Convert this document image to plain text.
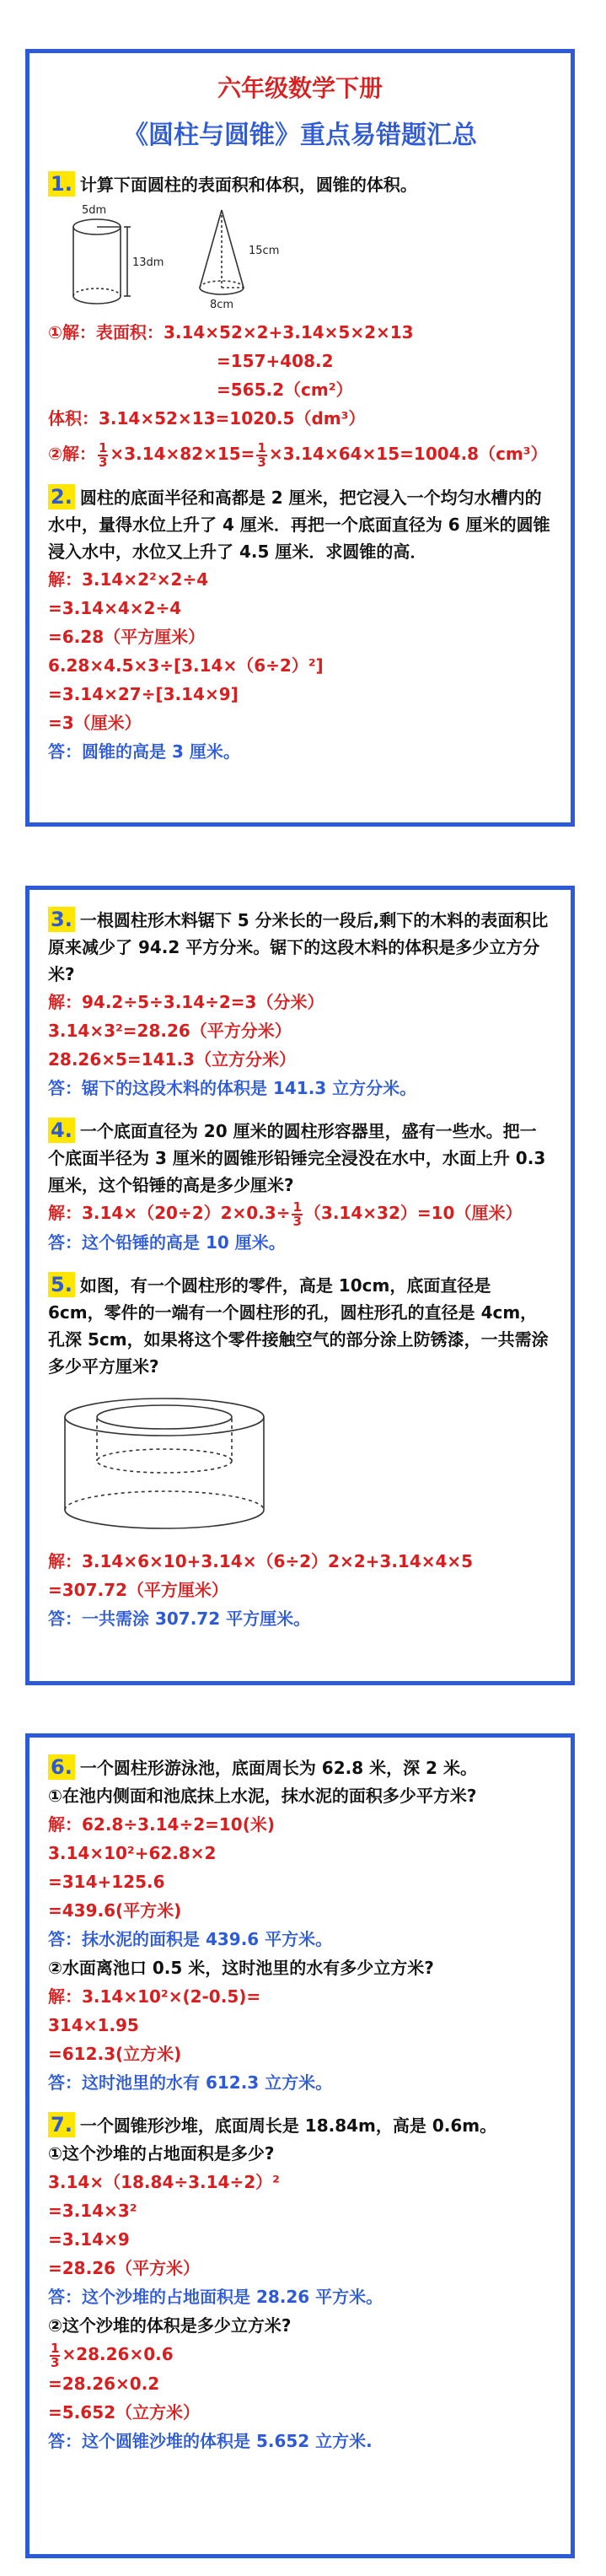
六年级数学下册
《圆柱与圆锥》重点易错题汇总

1. 计算下面圆柱的表面积和体积，圆锥的体积。

5dm
13dm
15cm
8cm

①解：表面积：3.14×52×2+3.14×5×2×13

=157+408.2

=565.2（cm²）

体积：3.14×52×13=1020.5（dm³）

②解： $\frac{1}{3} \times 3.14\times 82\times 15= \frac{1}{3} \times 3.14\times 64\times 15=1004.8(cm^3)$

2. 圆柱的底面半径和高都是 2 厘米，把它浸入一个均匀水槽内的水中，量得水位上升了 4 厘米．再把一个底面直径为 6 厘米的圆锥浸入水中，水位又上升了 4.5 厘米．求圆锥的高．

解：3.14×2²×2÷4

=3.14×4×2÷4

=6.28（平方厘米）

6.28×4.5×3÷[3.14×（6÷2）²]

=3.14×27÷[3.14×9]

=3（厘米）

答：圆锥的高是 3 厘米。

3. 一根圆柱形木料锯下 5 分米长的一段后,剩下的木料的表面积比原来减少了 94.2 平方分米。锯下的这段木料的体积是多少立方分米?

解：94.2÷5÷3.14÷2=3（分米）

3.14×3²=28.26（平方分米）

28.26×5=141.3（立方分米）

答：锯下的这段木料的体积是 141.3 立方分米。

4. 一个底面直径为 20 厘米的圆柱形容器里，盛有一些水。把一个底面半径为 3 厘米的圆锥形铅锤完全浸没在水中，水面上升 0.3 厘米，这个铅锤的高是多少厘米?

解：$3.14\times(20\div 2)2\times 0.3\div \frac{1}{3} (3.14\times 32)=10$（厘米）

答：这个铅锤的高是 10 厘米。

5. 如图，有一个圆柱形的零件，高是 10cm，底面直径是 6cm，零件的一端有一个圆柱形的孔，圆柱形孔的直径是 4cm，孔深 5cm，如果将这个零件接触空气的部分涂上防锈漆，一共需涂多少平方厘米?

解：3.14×6×10+3.14×（6÷2）2×2+3.14×4×5

=307.72（平方厘米）

答：一共需涂 307.72 平方厘米。

6. 一个圆柱形游泳池，底面周长为 62.8 米，深 2 米。

①在池内侧面和池底抹上水泥，抹水泥的面积多少平方米?

解：62.8÷3.14÷2=10(米)

3.14×10²+62.8×2

=314+125.6

=439.6(平方米)

答：抹水泥的面积是 439.6 平方米。

②水面离池口 0.5 米，这时池里的水有多少立方米?

解：3.14×10²×(2-0.5)=

314×1.95

=612.3(立方米)

答：这时池里的水有 612.3 立方米。

7. 一个圆锥形沙堆，底面周长是 18.84m，高是 0.6m。

①这个沙堆的占地面积是多少?

3.14×（18.84÷3.14÷2）²

=3.14×3²

=3.14×9

=28.26（平方米）

答：这个沙堆的占地面积是 28.26 平方米。

②这个沙堆的体积是多少立方米?

$\frac{1}{3} \times 28.26\times 0.6$

=28.26×0.2

=5.652（立方米）

答：这个圆锥沙堆的体积是 5.652 立方米.
